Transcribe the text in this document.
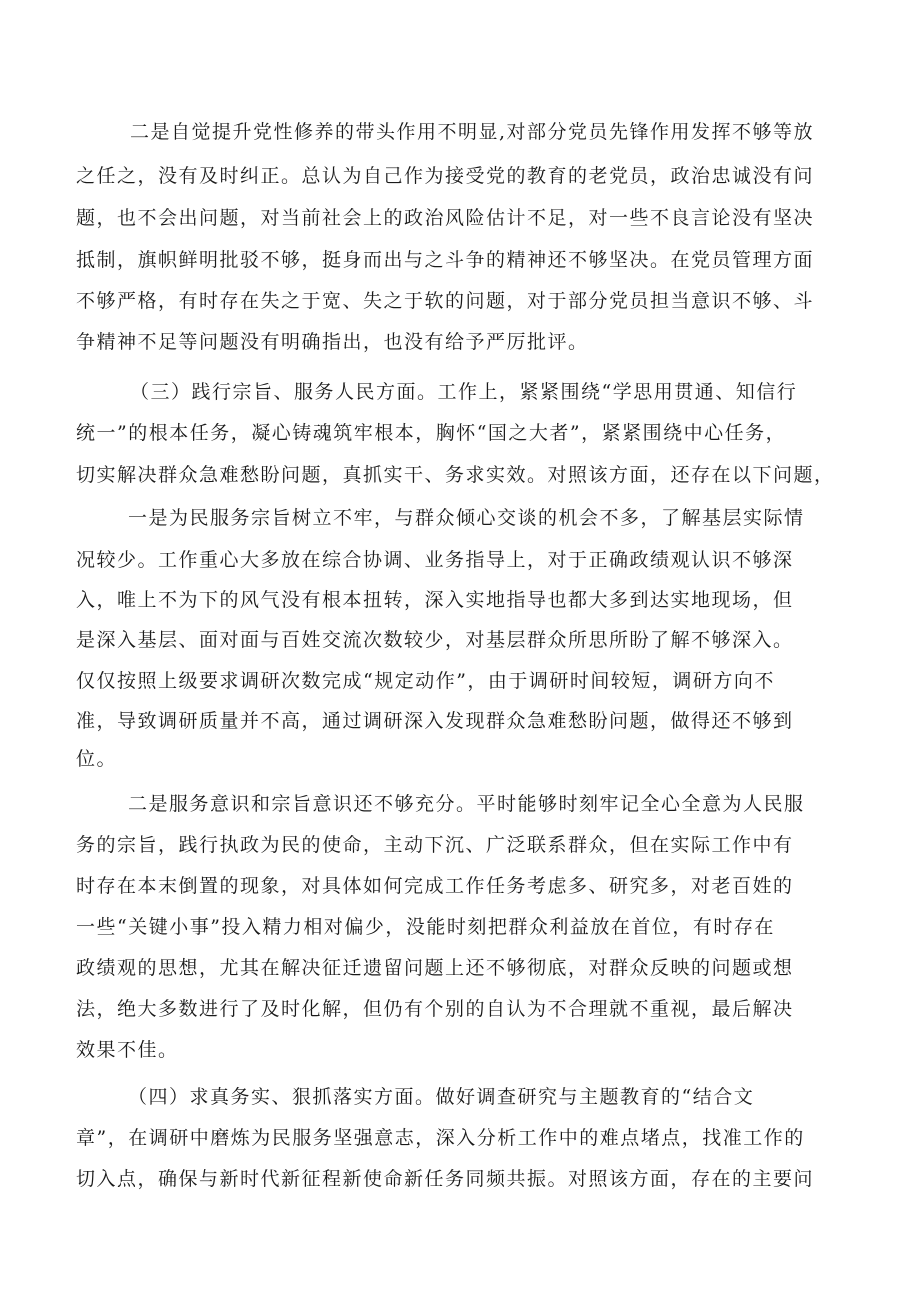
二是自觉提升党性修养的带头作用不明显,对部分党员先锋作用发挥不够等放
之任之，没有及时纠正。总认为自己作为接受党的教育的老党员，政治忠诚没有问
题，也不会出问题，对当前社会上的政治风险估计不足，对一些不良言论没有坚决
抵制，旗帜鲜明批驳不够，挺身而出与之斗争的精神还不够坚决。在党员管理方面
不够严格，有时存在失之于宽、失之于软的问题，对于部分党员担当意识不够、斗
争精神不足等问题没有明确指出，也没有给予严厉批评。
（三）践行宗旨、服务人民方面。工作上，紧紧围绕“学思用贯通、知信行
统一”的根本任务，凝心铸魂筑牢根本，胸怀“国之大者”，紧紧围绕中心任务，
切实解决群众急难愁盼问题，真抓实干、务求实效。对照该方面，还存在以下问题，
一是为民服务宗旨树立不牢，与群众倾心交谈的机会不多，了解基层实际情
况较少。工作重心大多放在综合协调、业务指导上，对于正确政绩观认识不够深
入，唯上不为下的风气没有根本扭转，深入实地指导也都大多到达实地现场，但
是深入基层、面对面与百姓交流次数较少，对基层群众所思所盼了解不够深入。
仅仅按照上级要求调研次数完成“规定动作”，由于调研时间较短，调研方向不
准，导致调研质量并不高，通过调研深入发现群众急难愁盼问题，做得还不够到
位。
二是服务意识和宗旨意识还不够充分。平时能够时刻牢记全心全意为人民服
务的宗旨，践行执政为民的使命，主动下沉、广泛联系群众，但在实际工作中有
时存在本末倒置的现象，对具体如何完成工作任务考虑多、研究多，对老百姓的
一些“关键小事”投入精力相对偏少，没能时刻把群众利益放在首位，有时存在
政绩观的思想，尤其在解决征迁遗留问题上还不够彻底，对群众反映的问题或想
法，绝大多数进行了及时化解，但仍有个别的自认为不合理就不重视，最后解决
效果不佳。
（四）求真务实、狠抓落实方面。做好调查研究与主题教育的“结合文
章”，在调研中磨炼为民服务坚强意志，深入分析工作中的难点堵点，找准工作的
切入点，确保与新时代新征程新使命新任务同频共振。对照该方面，存在的主要问
